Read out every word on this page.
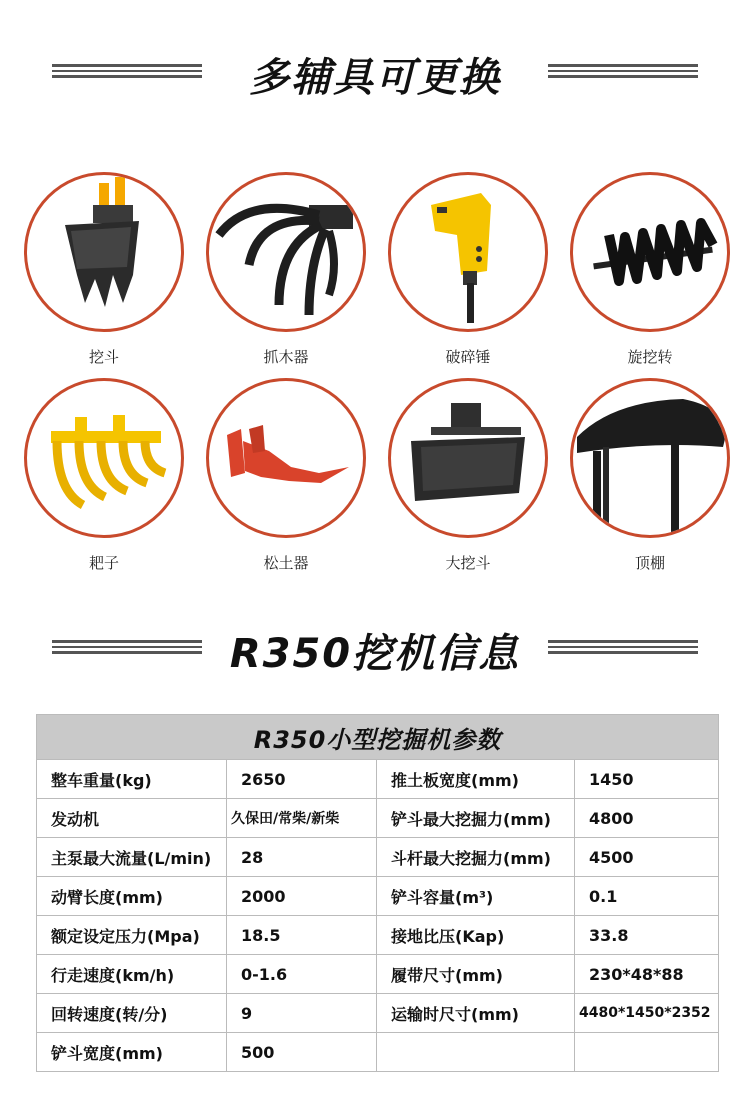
多辅具可更换
挖斗	抓木器	破碎锤	旋挖转
耙子	松土器	大挖斗	顶棚
R350挖机信息
R350小型挖掘机参数			
整车重量(kg)	2650	推土板宽度(mm)	1450
发动机	久保田/常柴/新柴	铲斗最大挖掘力(mm)	4800
主泵最大流量(L/min)	28	斗杆最大挖掘力(mm)	4500
动臂长度(mm)	2000	铲斗容量(m³)	0.1
额定设定压力(Mpa)	18.5	接地比压(Kap)	33.8
行走速度(km/h)	0-1.6	履带尺寸(mm)	230*48*88
回转速度(转/分)	9	运输时尺寸(mm)	4480*1450*2352
铲斗宽度(mm)	500		
